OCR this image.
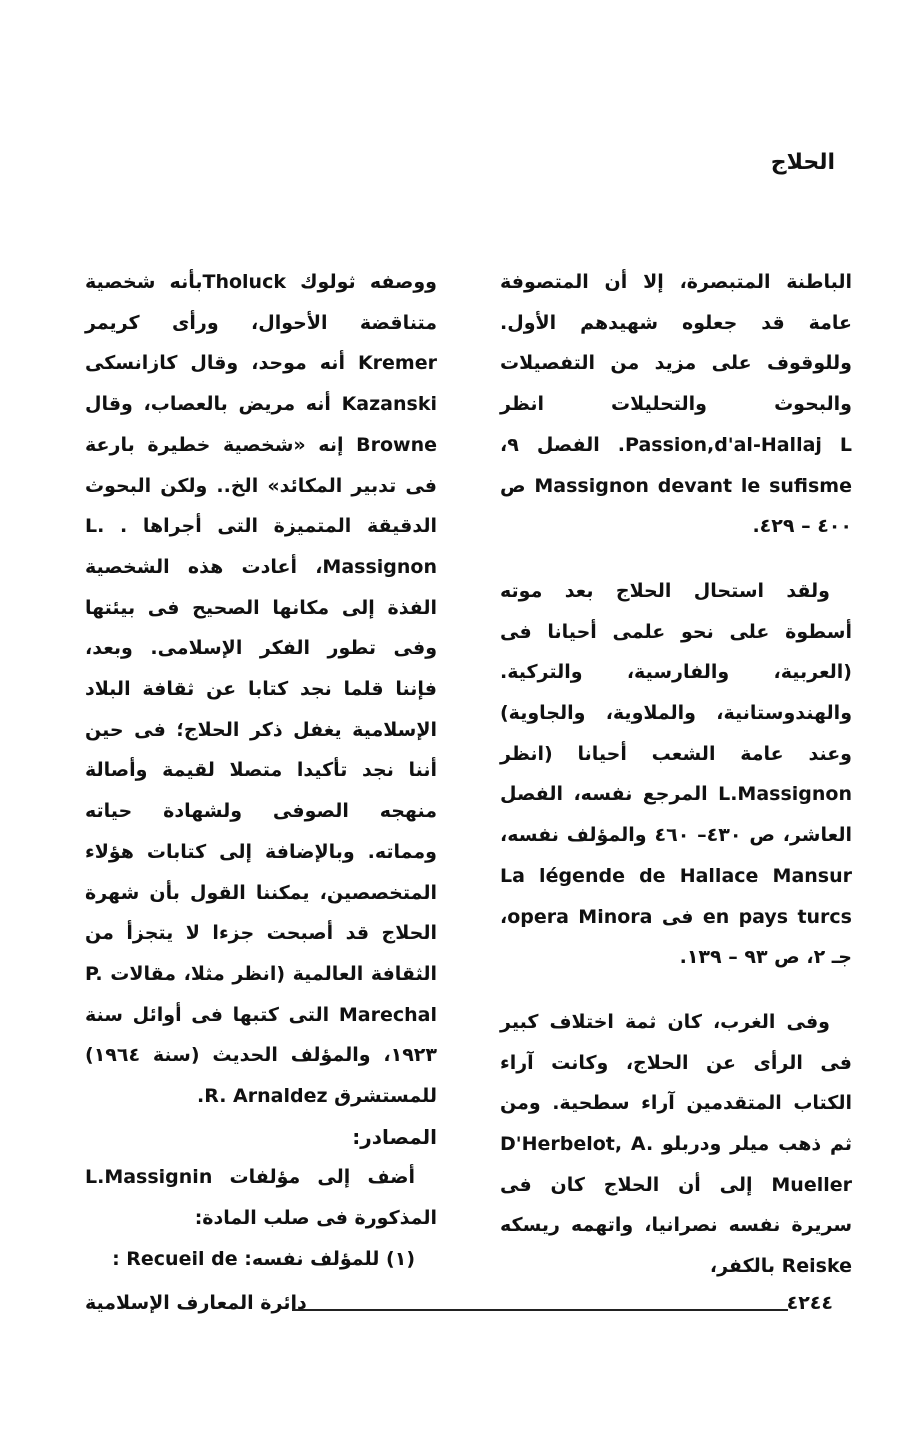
الحلاج

الباطنة المتبصرة، إلا أن المتصوفة عامة قد جعلوه شهيدهم الأول. وللوقوف على مزيد من التفصيلات والبحوث والتحليلات انظر Passion,d'al-Hallaj L. الفصل ٩، Massignon devant le sufisme ص ٤٠٠ – ٤٢٩.

ولقد استحال الحلاج بعد موته أسطوة على نحو علمى أحيانا فى (العربية، والفارسية، والتركية. والهندوستانية، والملاوية، والجاوية) وعند عامة الشعب أحيانا (انظر L.Massignon المرجع نفسه، الفصل العاشر، ص ٤٣٠– ٤٦٠ والمؤلف نفسه، La légende de Hallace Mansur en pays turcs فى opera Minora، جـ ٢، ص ٩٣ – ١٣٩.

وفى الغرب، كان ثمة اختلاف كبير فى الرأى عن الحلاج، وكانت آراء الكتاب المتقدمين آراء سطحية. ومن ثم ذهب ميلر ودربلو D'Herbelot, A. Mueller إلى أن الحلاج كان فى سريرة نفسه نصرانيا، واتهمه ريسكه Reiske بالكفر،

ووصفه ثولوك Tholuckبأنه شخصية متناقضة الأحوال، ورأى كريمر Kremer أنه موحد، وقال كازانسكى Kazanski أنه مريض بالعصاب، وقال Browne إنه «شخصية خطيرة بارعة فى تدبير المكائد» الخ.. ولكن البحوث الدقيقة المتميزة التى أجراها . L. Massignon، أعادت هذه الشخصية الفذة إلى مكانها الصحيح فى بيئتها وفى تطور الفكر الإسلامى. وبعد، فإننا قلما نجد كتابا عن ثقافة البلاد الإسلامية يغفل ذكر الحلاج؛ فى حين أننا نجد تأكيدا متصلا لقيمة وأصالة منهجه الصوفى ولشهادة حياته ومماته. وبالإضافة إلى كتابات هؤلاء المتخصصين، يمكننا القول بأن شهرة الحلاج قد أصبحت جزءا لا يتجزأ من الثقافة العالمية (انظر مثلا، مقالات P. Marechal التى كتبها فى أوائل سنة ١٩٢٣، والمؤلف الحديث (سنة ١٩٦٤) للمستشرق R. Arnaldez.

المصادر:

أضف إلى مؤلفات L.Massignin المذكورة فى صلب المادة:

(١) للمؤلف نفسه: Recueil de :

دائرة المعارف الإسلامية	٤٢٤٤
